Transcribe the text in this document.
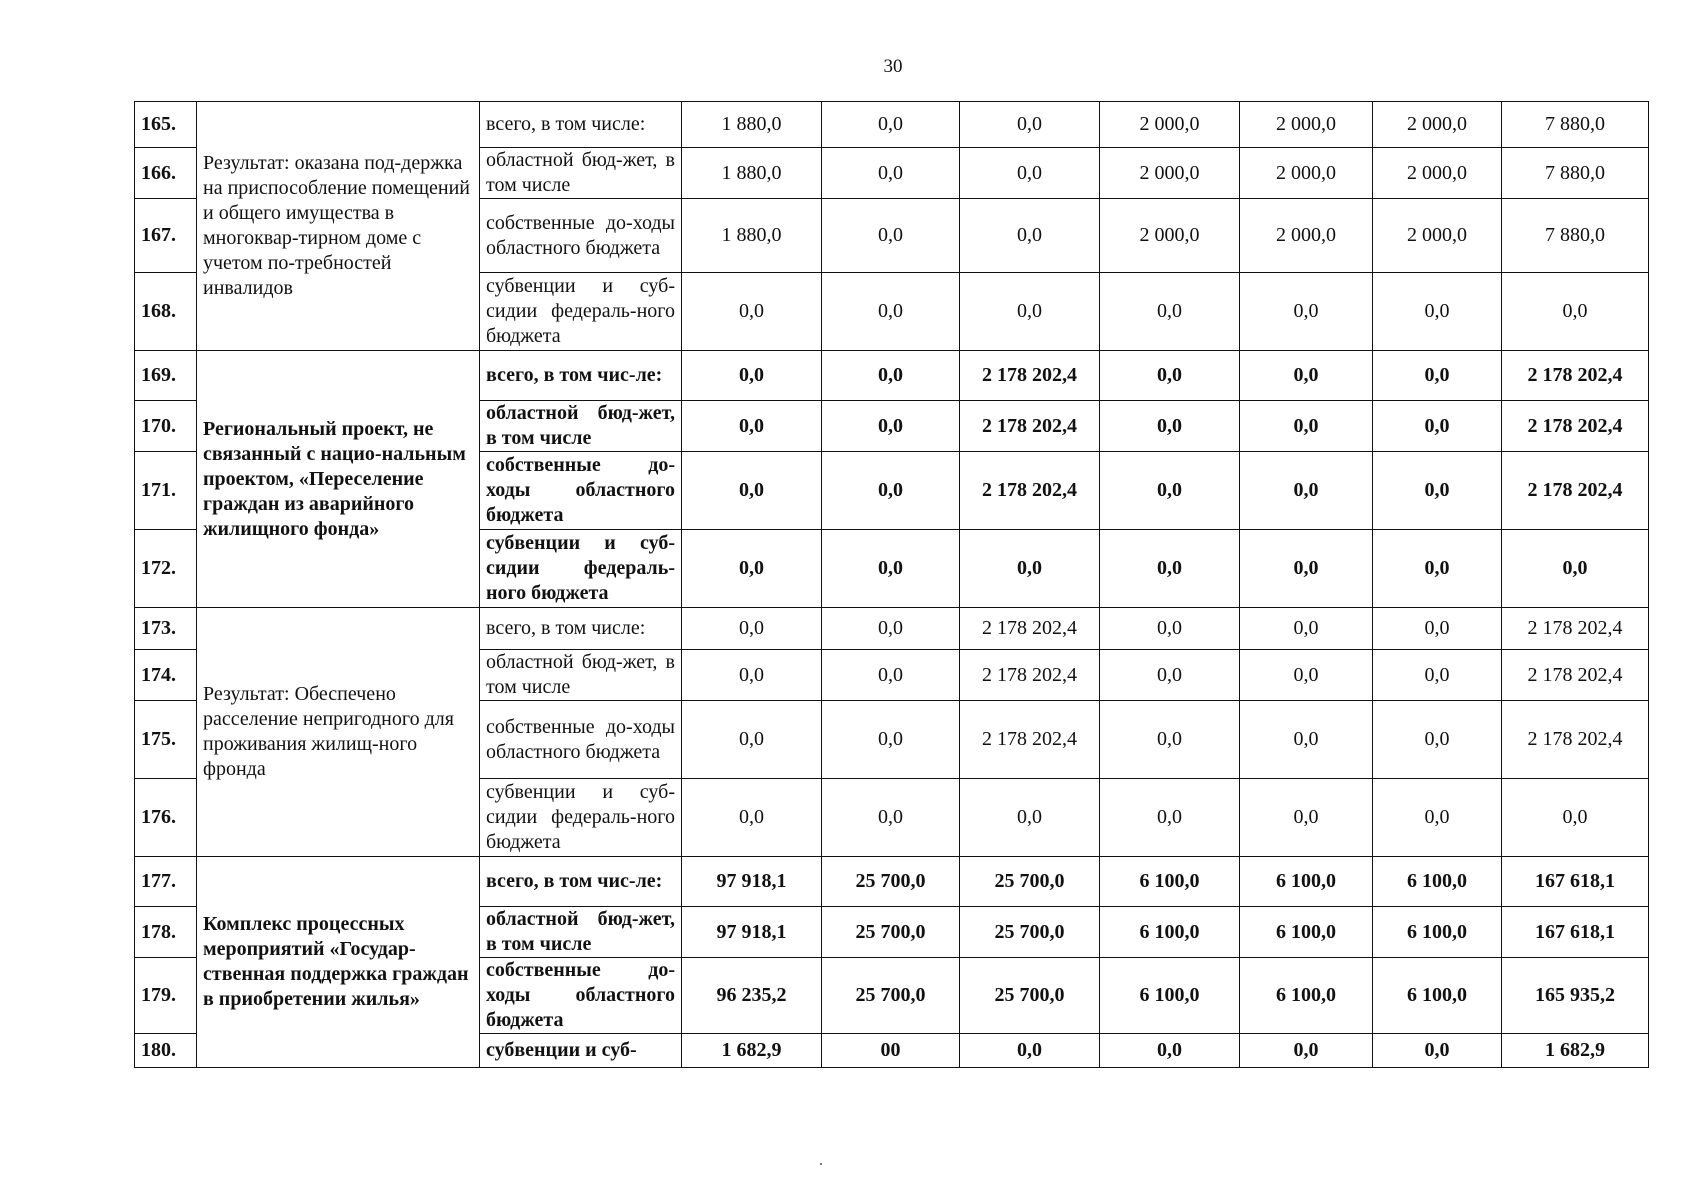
30
165.	Результат: оказана под-держка на приспособление помещений и общего имущества в многоквар-тирном доме с учетом по-требностей инвалидов	всего, в том числе:	1 880,0	0,0	0,0	2 000,0	2 000,0	2 000,0	7 880,0
166.		областной бюд-жет, в том числе	1 880,0	0,0	0,0	2 000,0	2 000,0	2 000,0	7 880,0
167.		собственные до-ходы областного бюджета	1 880,0	0,0	0,0	2 000,0	2 000,0	2 000,0	7 880,0
168.		субвенции и суб-сидии федераль-ного бюджета	0,0	0,0	0,0	0,0	0,0	0,0	0,0
169.	Региональный проект, не связанный с нацио-нальным проектом, «Переселение граждан из аварийного жилищного фонда»	всего, в том чис-ле:	0,0	0,0	2 178 202,4	0,0	0,0	0,0	2 178 202,4
170.		областной бюд-жет, в том числе	0,0	0,0	2 178 202,4	0,0	0,0	0,0	2 178 202,4
171.		собственные до-ходы областного бюджета	0,0	0,0	2 178 202,4	0,0	0,0	0,0	2 178 202,4
172.		субвенции и суб-сидии федераль-ного бюджета	0,0	0,0	0,0	0,0	0,0	0,0	0,0
173.	Результат: Обеспечено расселение непригодного для проживания жилищ-ного фронда	всего, в том числе:	0,0	0,0	2 178 202,4	0,0	0,0	0,0	2 178 202,4
174.		областной бюд-жет, в том числе	0,0	0,0	2 178 202,4	0,0	0,0	0,0	2 178 202,4
175.		собственные до-ходы областного бюджета	0,0	0,0	2 178 202,4	0,0	0,0	0,0	2 178 202,4
176.		субвенции и суб-сидии федераль-ного бюджета	0,0	0,0	0,0	0,0	0,0	0,0	0,0
177.	Комплекс процессных мероприятий «Государ-ственная поддержка граждан в приобретении жилья»	всего, в том чис-ле:	97 918,1	25 700,0	25 700,0	6 100,0	6 100,0	6 100,0	167 618,1
178.		областной бюд-жет, в том числе	97 918,1	25 700,0	25 700,0	6 100,0	6 100,0	6 100,0	167 618,1
179.		собственные до-ходы областного бюджета	96 235,2	25 700,0	25 700,0	6 100,0	6 100,0	6 100,0	165 935,2
180.		субвенции и суб-	1 682,9	00	0,0	0,0	0,0	0,0	1 682,9
